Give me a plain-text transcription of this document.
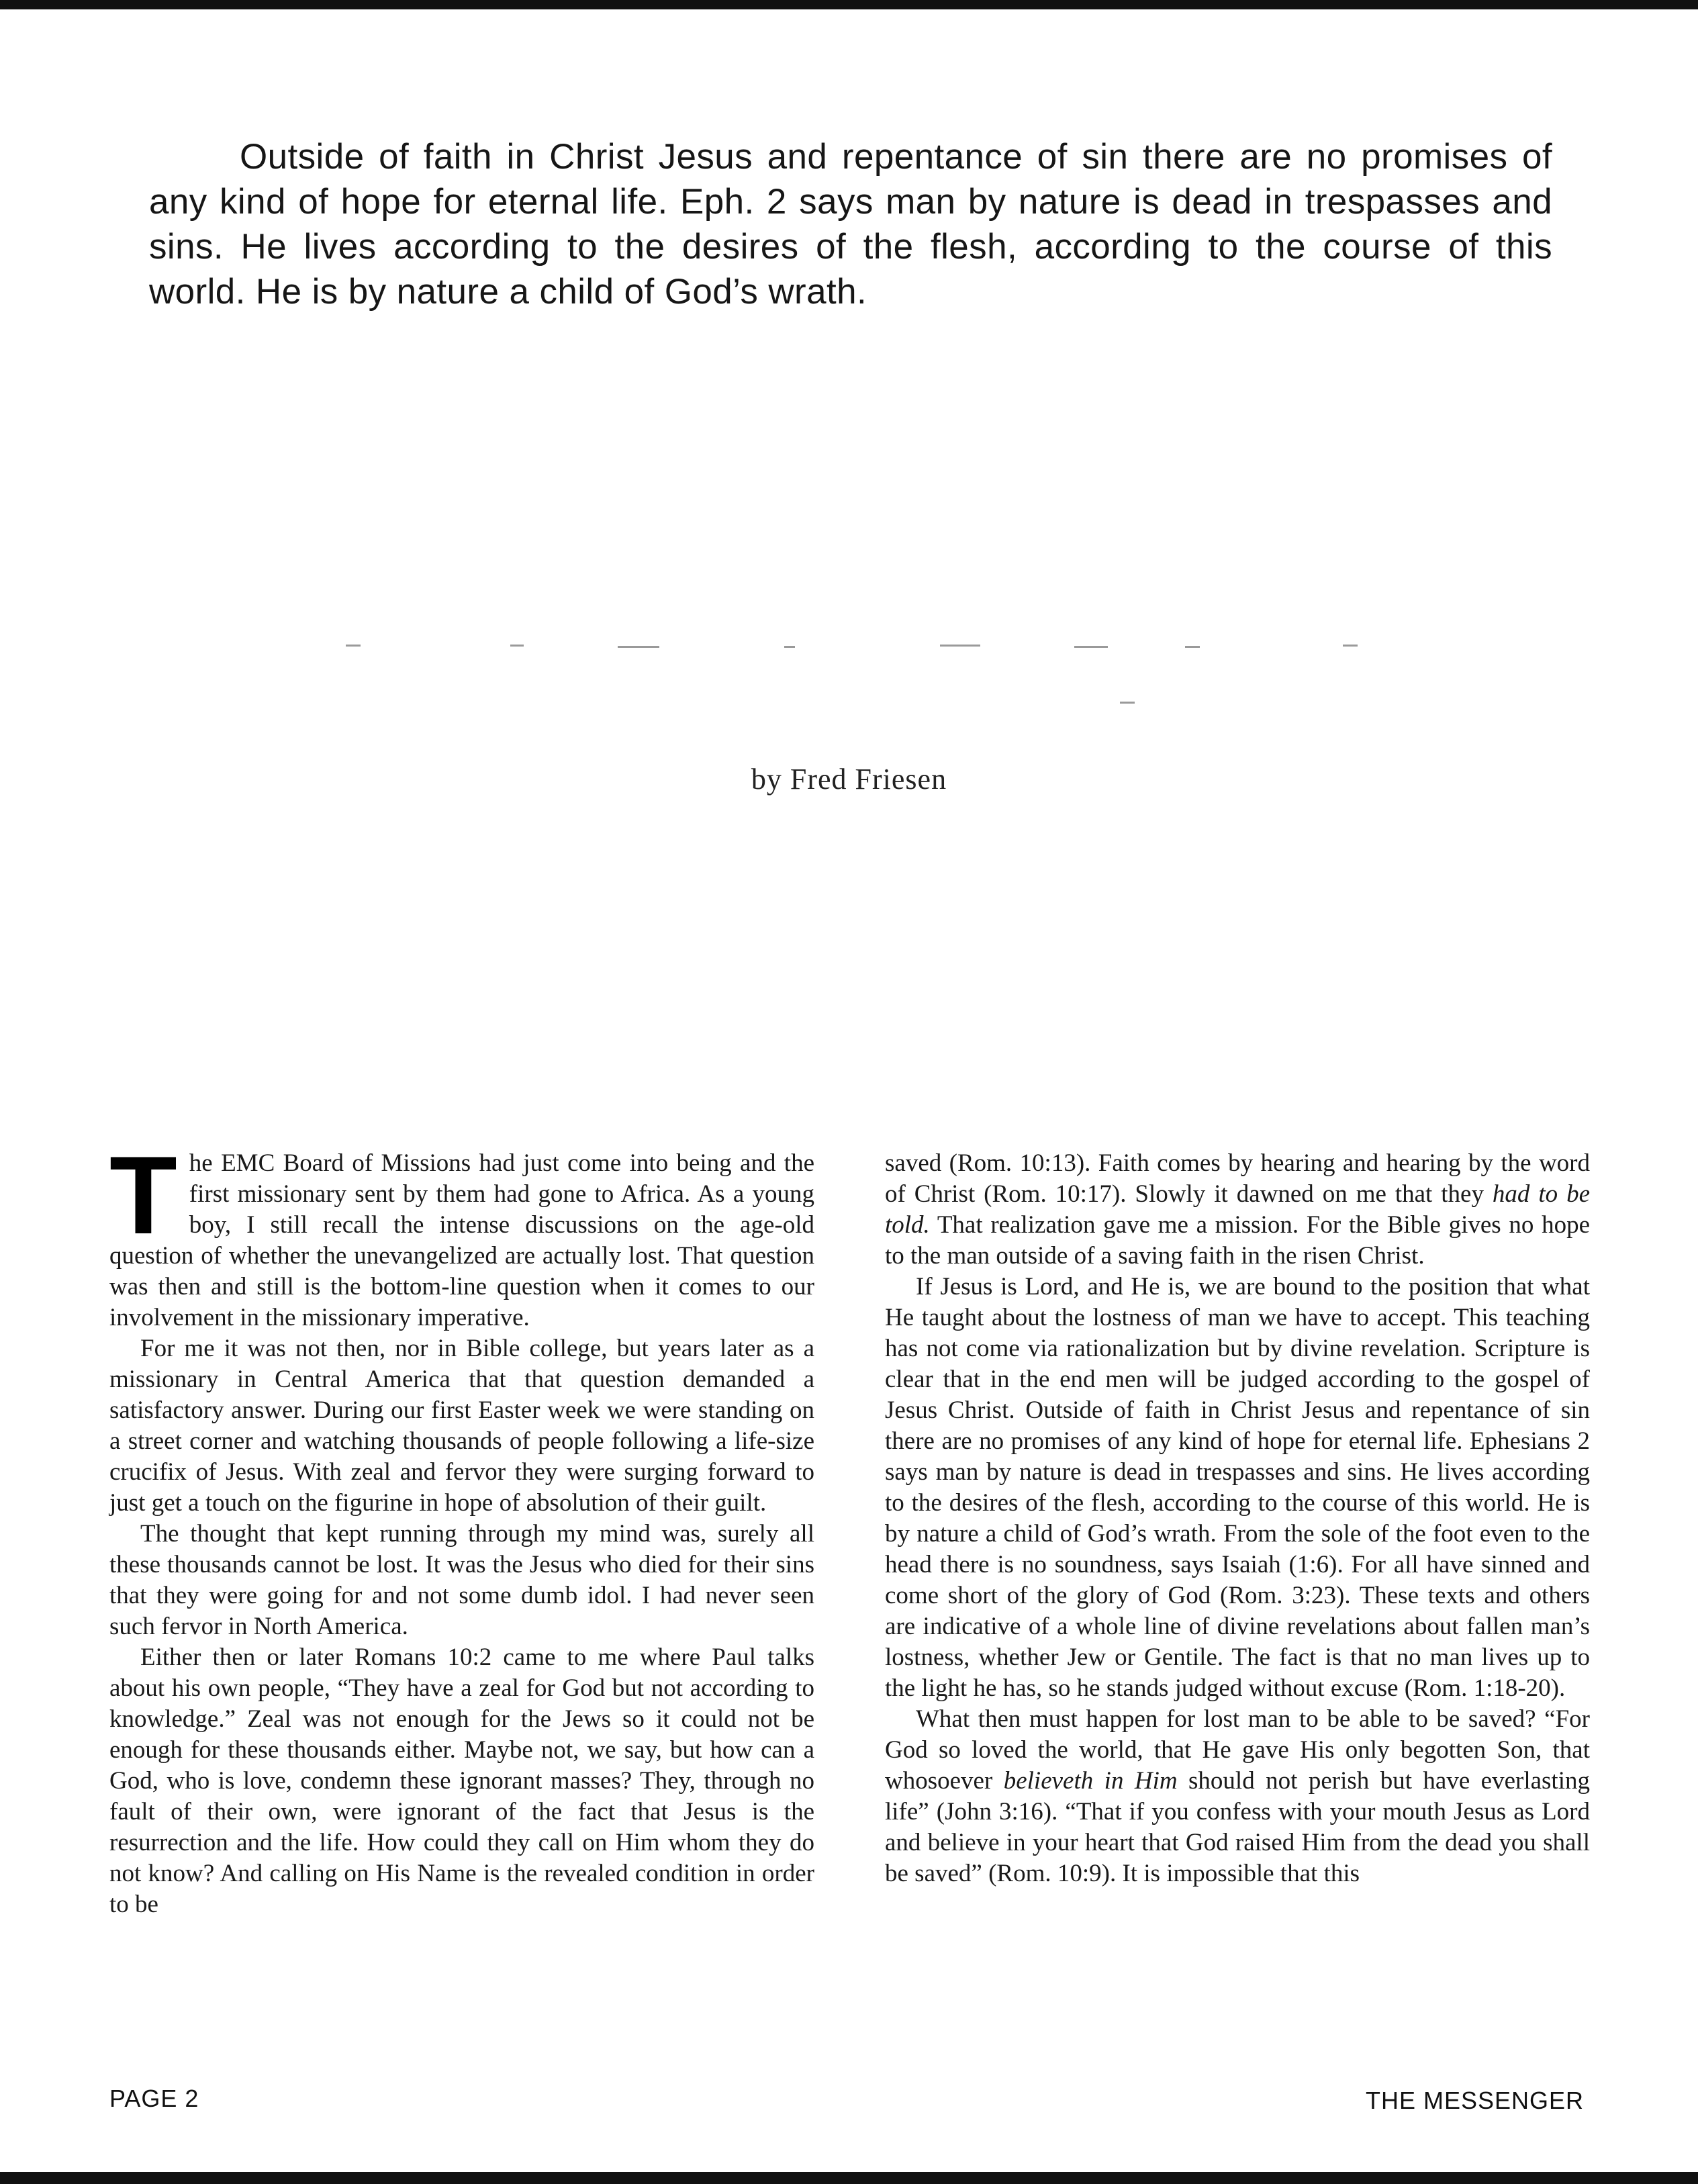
Outside of faith in Christ Jesus and repentance of sin there are no promises of any kind of hope for eternal life. Eph. 2 says man by nature is dead in trespasses and sins. He lives according to the desires of the flesh, according to the course of this world. He is by nature a child of God’s wrath.

by Fred Friesen

The EMC Board of Missions had just come into being and the first missionary sent by them had gone to Africa. As a young boy, I still recall the intense discussions on the age-old question of whether the unevangelized are actually lost. That question was then and still is the bottom-line question when it comes to our involvement in the missionary imperative.

For me it was not then, nor in Bible college, but years later as a missionary in Central America that that question demanded a satisfactory answer. During our first Easter week we were standing on a street corner and watching thousands of people following a life-size crucifix of Jesus. With zeal and fervor they were surging forward to just get a touch on the figurine in hope of absolution of their guilt.

The thought that kept running through my mind was, surely all these thousands cannot be lost. It was the Jesus who died for their sins that they were going for and not some dumb idol. I had never seen such fervor in North America.

Either then or later Romans 10:2 came to me where Paul talks about his own people, “They have a zeal for God but not according to knowledge.” Zeal was not enough for the Jews so it could not be enough for these thousands either. Maybe not, we say, but how can a God, who is love, condemn these ignorant masses? They, through no fault of their own, were ignorant of the fact that Jesus is the resurrection and the life. How could they call on Him whom they do not know? And calling on His Name is the revealed condition in order to be

saved (Rom. 10:13). Faith comes by hearing and hearing by the word of Christ (Rom. 10:17). Slowly it dawned on me that they had to be told. That realization gave me a mission. For the Bible gives no hope to the man outside of a saving faith in the risen Christ.

If Jesus is Lord, and He is, we are bound to the position that what He taught about the lostness of man we have to accept. This teaching has not come via rationalization but by divine revelation. Scripture is clear that in the end men will be judged according to the gospel of Jesus Christ. Outside of faith in Christ Jesus and repentance of sin there are no promises of any kind of hope for eternal life. Ephesians 2 says man by nature is dead in trespasses and sins. He lives according to the desires of the flesh, according to the course of this world. He is by nature a child of God’s wrath. From the sole of the foot even to the head there is no soundness, says Isaiah (1:6). For all have sinned and come short of the glory of God (Rom. 3:23). These texts and others are indicative of a whole line of divine revelations about fallen man’s lostness, whether Jew or Gentile. The fact is that no man lives up to the light he has, so he stands judged without excuse (Rom. 1:18-20).

What then must happen for lost man to be able to be saved? “For God so loved the world, that He gave His only begotten Son, that whosoever believeth in Him should not perish but have everlasting life” (John 3:16). “That if you confess with your mouth Jesus as Lord and believe in your heart that God raised Him from the dead you shall be saved” (Rom. 10:9). It is impossible that this

PAGE 2	THE MESSENGER
